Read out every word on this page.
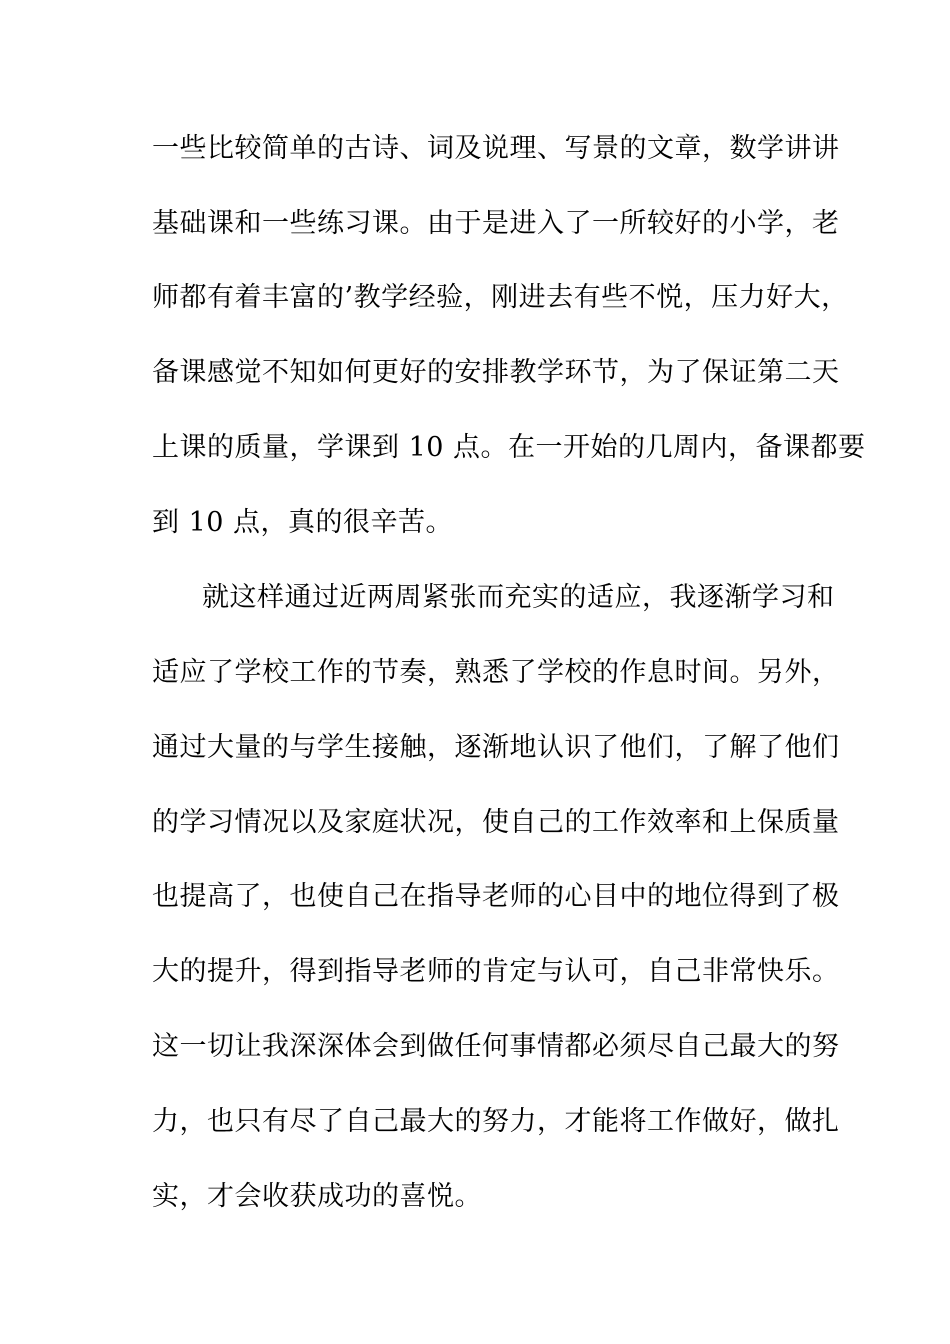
一些比较简单的古诗、词及说理、写景的文章，数学讲讲
基础课和一些练习课。由于是进入了一所较好的小学，老
师都有着丰富的’教学经验，刚进去有些不悦，压力好大，
备课感觉不知如何更好的安排教学环节，为了保证第二天
上课的质量，学课到 10 点。在一开始的几周内，备课都要
到 10 点，真的很辛苦。
就这样通过近两周紧张而充实的适应，我逐渐学习和
适应了学校工作的节奏，熟悉了学校的作息时间。另外，
通过大量的与学生接触，逐渐地认识了他们，了解了他们
的学习情况以及家庭状况，使自己的工作效率和上保质量
也提高了，也使自己在指导老师的心目中的地位得到了极
大的提升，得到指导老师的肯定与认可，自己非常快乐。
这一切让我深深体会到做任何事情都必须尽自己最大的努
力，也只有尽了自己最大的努力，才能将工作做好，做扎
实，才会收获成功的喜悦。
